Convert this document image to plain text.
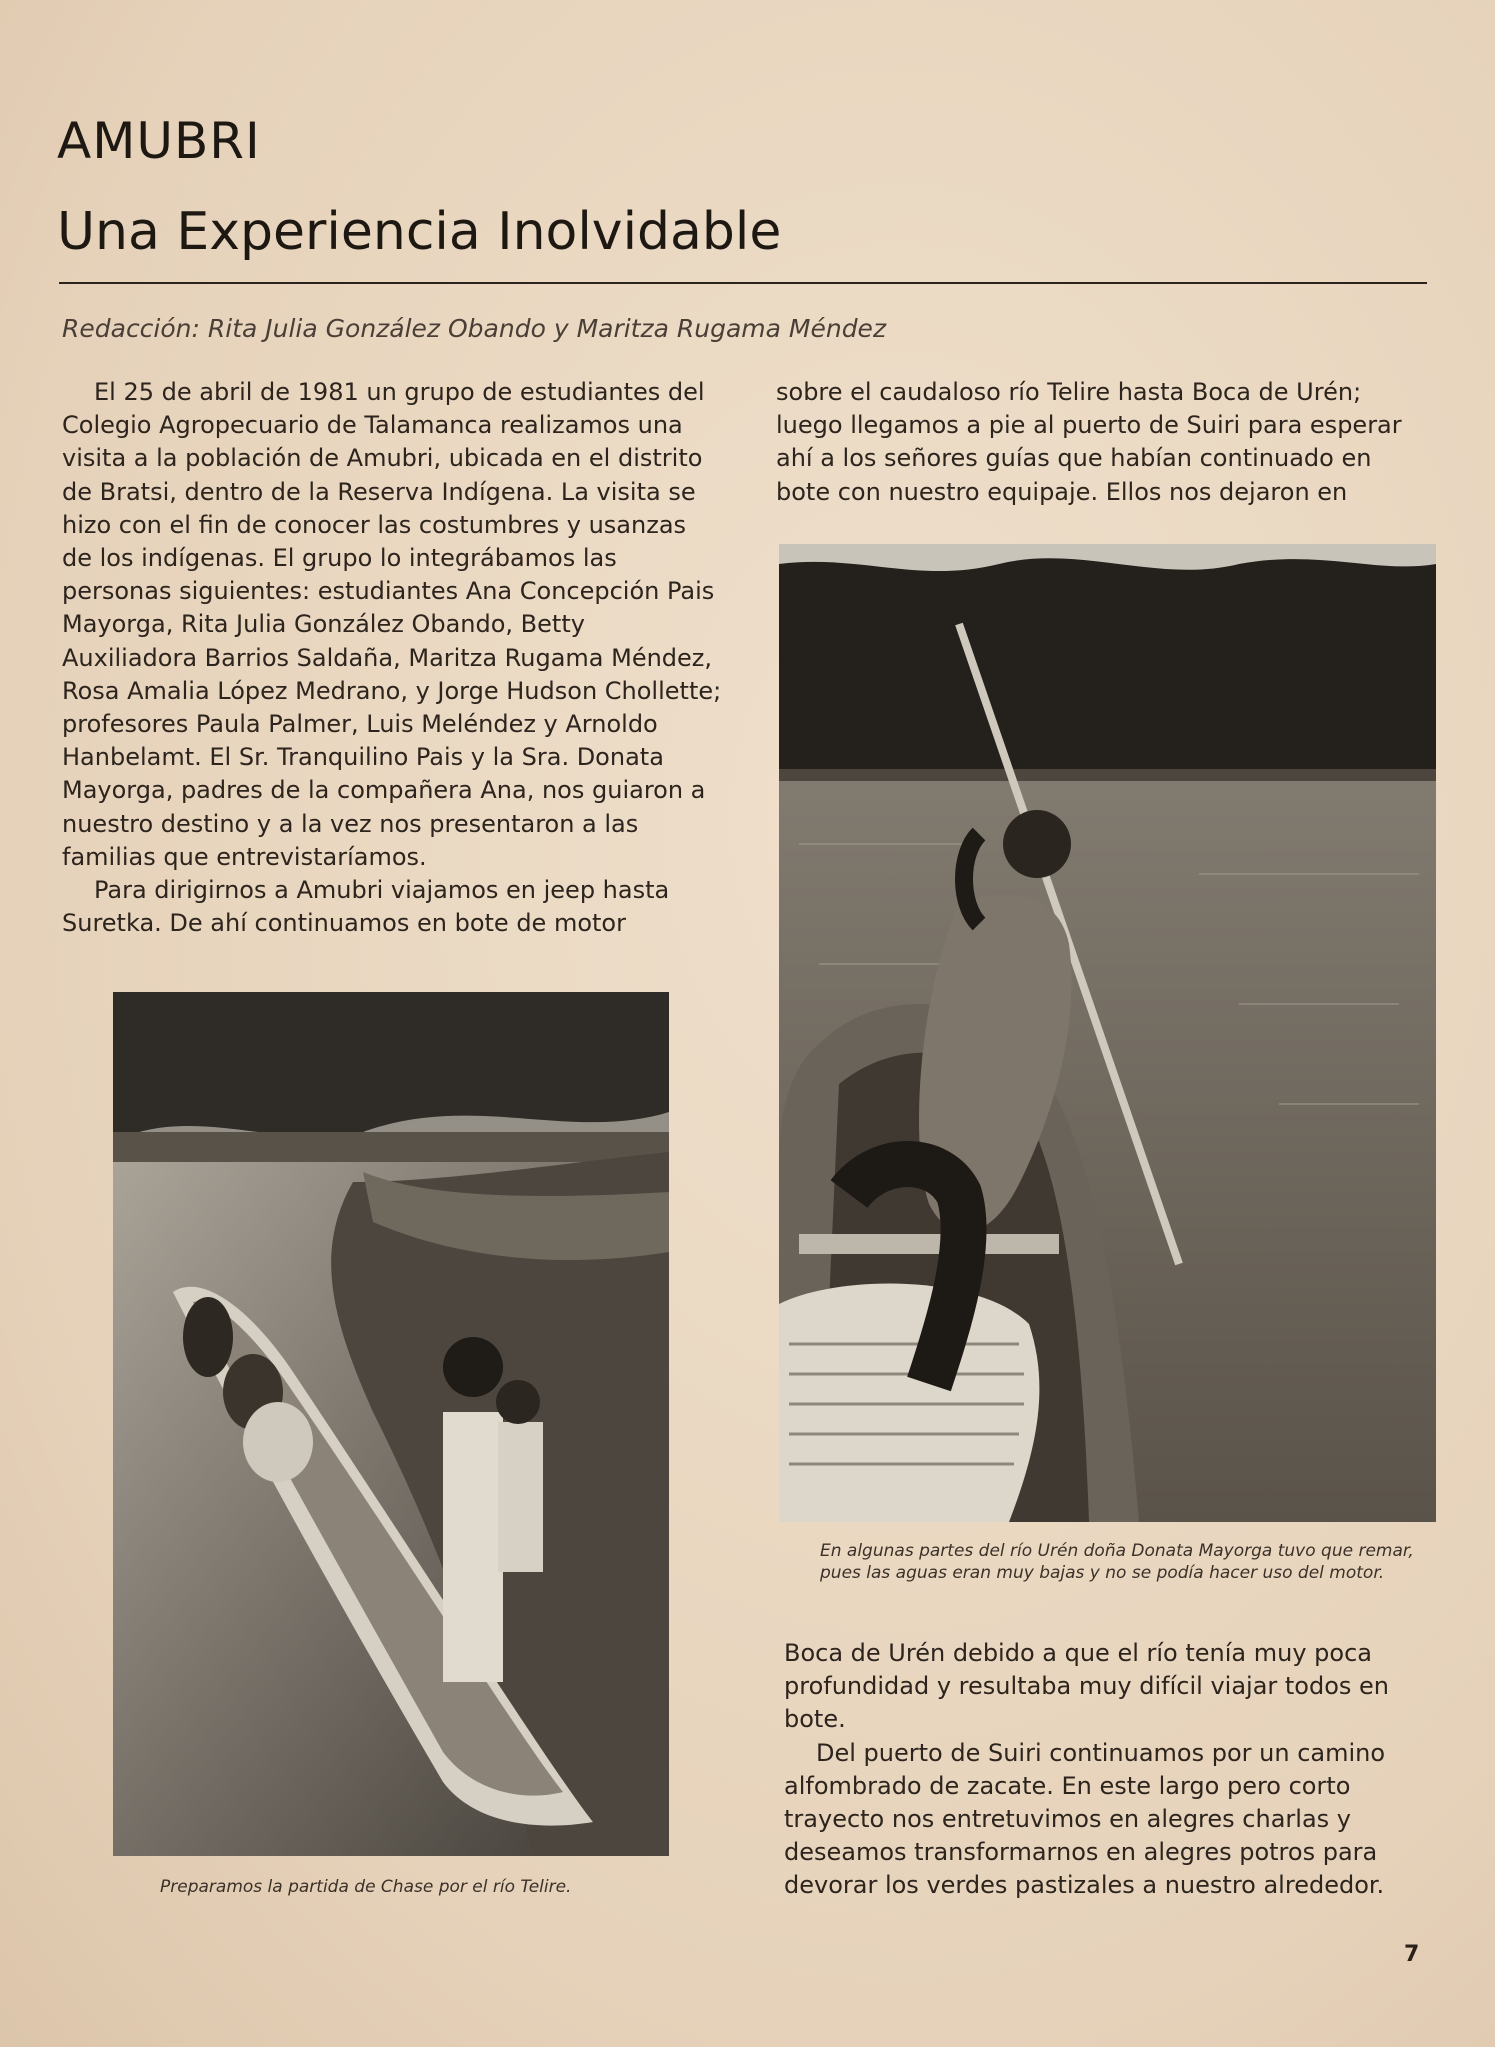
AMUBRI
Una Experiencia Inolvidable
Redacción: Rita Julia González Obando y Maritza Rugama Méndez

El 25 de abril de 1981 un grupo de estudiantes del Colegio Agropecuario de Talamanca realizamos una visita a la población de Amubri, ubicada en el distrito de Bratsi, dentro de la Reserva Indígena. La visita se hizo con el fin de conocer las costumbres y usanzas de los indígenas. El grupo lo integrábamos las personas siguientes: estudiantes Ana Concepción Pais Mayorga, Rita Julia González Obando, Betty Auxiliadora Barrios Saldaña, Maritza Rugama Méndez, Rosa Amalia López Medrano, y Jorge Hudson Chollette; profesores Paula Palmer, Luis Meléndez y Arnoldo Hanbelamt. El Sr. Tranquilino Pais y la Sra. Donata Mayorga, padres de la compañera Ana, nos guiaron a nuestro destino y a la vez nos presentaron a las familias que entrevistaríamos.

Para dirigirnos a Amubri viajamos en jeep hasta Suretka. De ahí continuamos en bote de motor

sobre el caudaloso río Telire hasta Boca de Urén; luego llegamos a pie al puerto de Suiri para esperar ahí a los señores guías que habían continuado en bote con nuestro equipaje. Ellos nos dejaron en

Preparamos la partida de Chase por el río Telire.
En algunas partes del río Urén doña Donata Mayorga tuvo que remar, pues las aguas eran muy bajas y no se podía hacer uso del motor.

Boca de Urén debido a que el río tenía muy poca profundidad y resultaba muy difícil viajar todos en bote.

Del puerto de Suiri continuamos por un camino alfombrado de zacate. En este largo pero corto trayecto nos entretuvimos en alegres charlas y deseamos transformarnos en alegres potros para devorar los verdes pastizales a nuestro alrededor.

7
